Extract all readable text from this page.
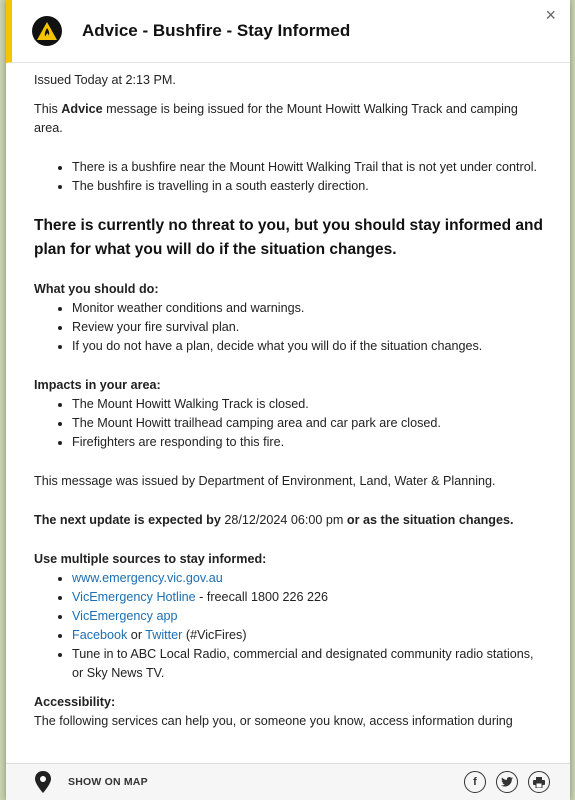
Advice - Bushfire - Stay Informed
×

Issued Today at 2:13 PM.

This Advice message is being issued for the Mount Howitt Walking Track and camping area.

• There is a bushfire near the Mount Howitt Walking Trail that is not yet under control.
• The bushfire is travelling in a south easterly direction.

There is currently no threat to you, but you should stay informed and plan for what you will do if the situation changes.

What you should do:

• Monitor weather conditions and warnings.
• Review your fire survival plan.
• If you do not have a plan, decide what you will do if the situation changes.

Impacts in your area:

• The Mount Howitt Walking Track is closed.
• The Mount Howitt trailhead camping area and car park are closed.
• Firefighters are responding to this fire.

This message was issued by Department of Environment, Land, Water & Planning.

The next update is expected by 28/12/2024 06:00 pm or as the situation changes.

Use multiple sources to stay informed:

• www.emergency.vic.gov.au
• VicEmergency Hotline - freecall 1800 226 226
• VicEmergency app
• Facebook or Twitter (#VicFires)
• Tune in to ABC Local Radio, commercial and designated community radio stations, or Sky News TV.

Accessibility:

The following services can help you, or someone you know, access information during

SHOW ON MAP	f
